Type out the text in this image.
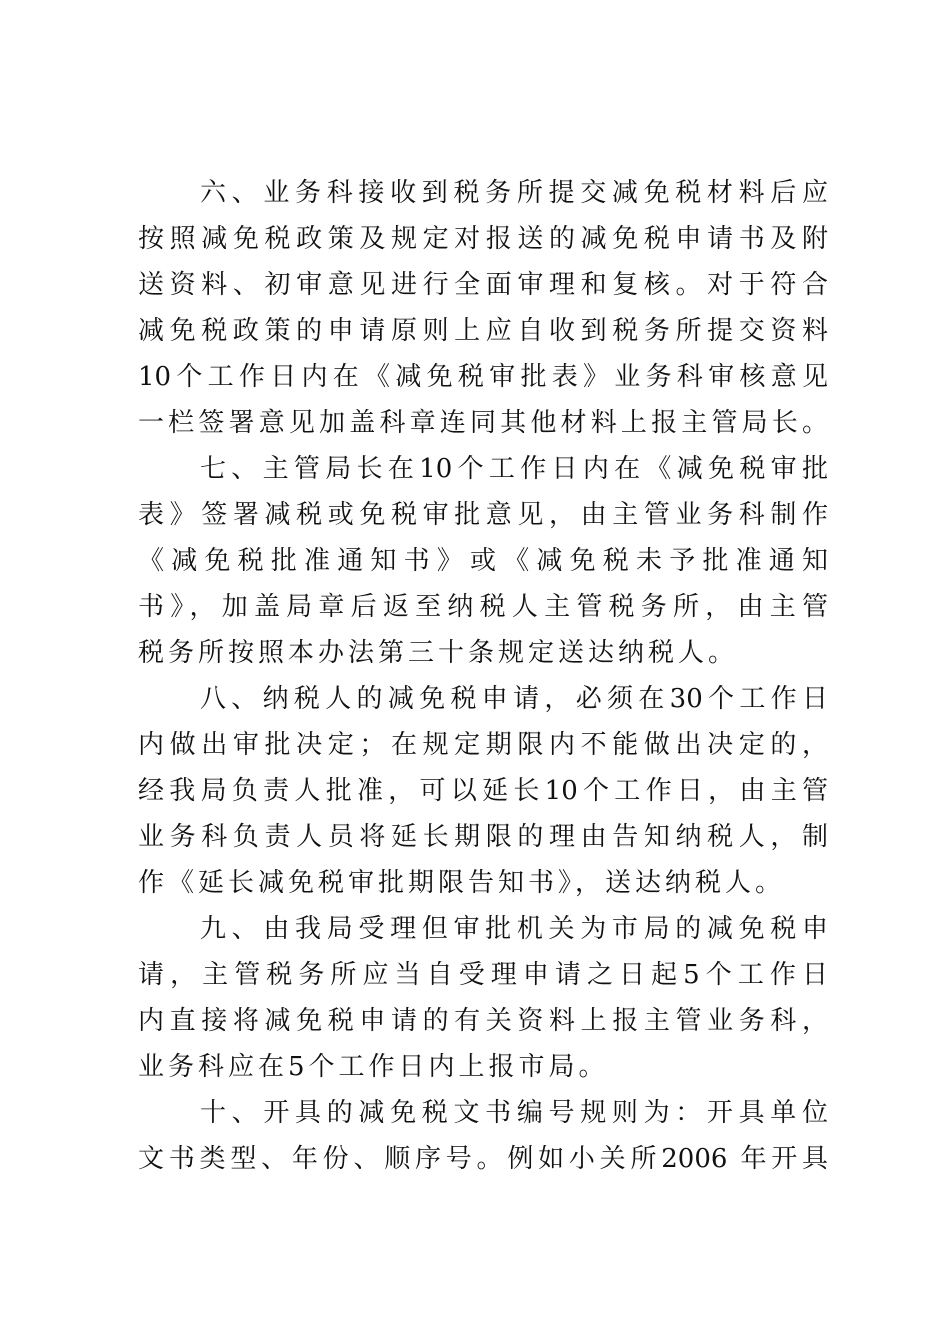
六、业务科接收到税务所提交减免税材料后应
按照减免税政策及规定对报送的减免税申请书及附
送资料、初审意见进行全面审理和复核。对于符合
减免税政策的申请原则上应自收到税务所提交资料
10个工作日内在《减免税审批表》业务科审核意见
一栏签署意见加盖科章连同其他材料上报主管局长。
七、主管局长在10个工作日内在《减免税审批
表》签署减税或免税审批意见，由主管业务科制作
《减免税批准通知书》或《减免税未予批准通知
书》，加盖局章后返至纳税人主管税务所，由主管
税务所按照本办法第三十条规定送达纳税人。
八、纳税人的减免税申请，必须在30个工作日
内做出审批决定；在规定期限内不能做出决定的，
经我局负责人批准，可以延长10个工作日，由主管
业务科负责人员将延长期限的理由告知纳税人，制
作《延长减免税审批期限告知书》，送达纳税人。
九、由我局受理但审批机关为市局的减免税申
请，主管税务所应当自受理申请之日起5个工作日
内直接将减免税申请的有关资料上报主管业务科，
业务科应在5个工作日内上报市局。
十、开具的减免税文书编号规则为：开具单位
文书类型、年份、顺序号。例如小关所2006 年开具
